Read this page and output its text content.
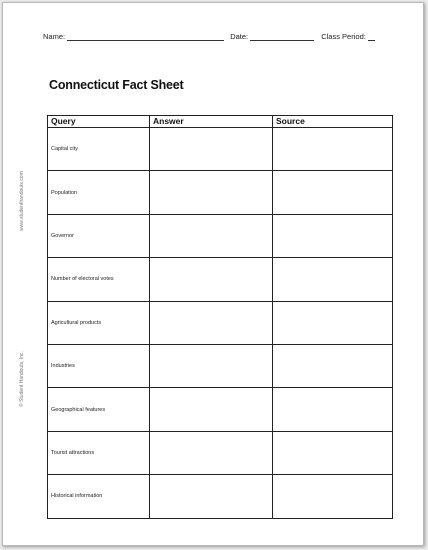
Name:	Date:	Class Period:
Connecticut Fact Sheet
www.studenthandouts.com
© Student Handouts, Inc.
Query	Answer	Source
Capital city		
Population		
Governor		
Number of electoral votes		
Agricultural products		
Industries		
Geographical features		
Tourist attractions		
Historical information		
